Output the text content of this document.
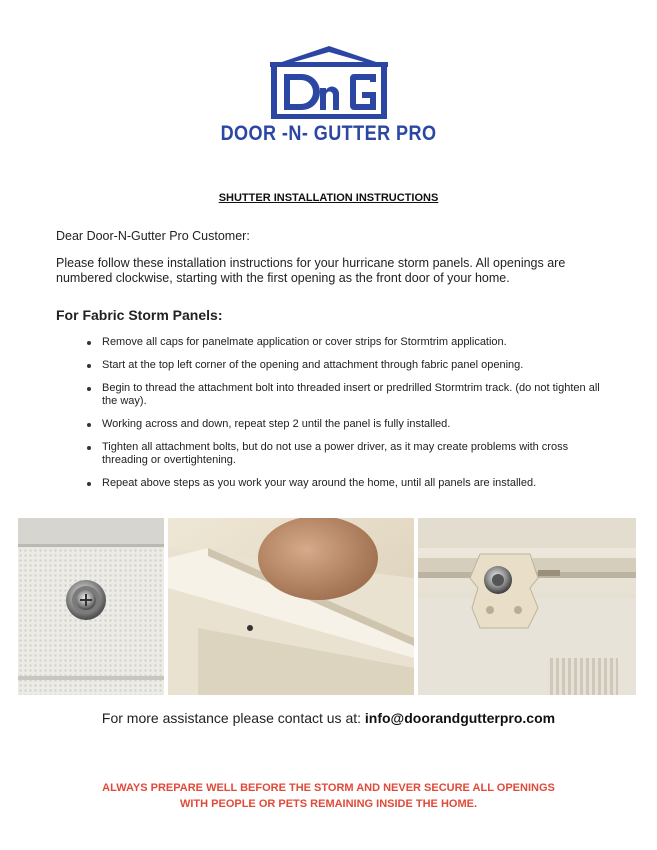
DOOR -N- GUTTER PRO
SHUTTER INSTALLATION INSTRUCTIONS
Dear Door-N-Gutter Pro Customer:
Please follow these installation instructions for your hurricane storm panels. All openings are numbered clockwise, starting with the first opening as the front door of your home.
For Fabric Storm Panels:
Remove all caps for panelmate application or cover strips for Stormtrim application.
Start at the top left corner of the opening and attachment through fabric panel opening.
Begin to thread the attachment bolt into threaded insert or predrilled Stormtrim track. (do not tighten all the way).
Working across and down, repeat step 2 until the panel is fully installed.
Tighten all attachment bolts, but do not use a power driver, as it may create problems with cross threading or overtightening.
Repeat above steps as you work your way around the home, until all panels are installed.
For more assistance please contact us at: info@doorandgutterpro.com
ALWAYS PREPARE WELL BEFORE THE STORM AND NEVER SECURE ALL OPENINGS
WITH PEOPLE OR PETS REMAINING INSIDE THE HOME.
